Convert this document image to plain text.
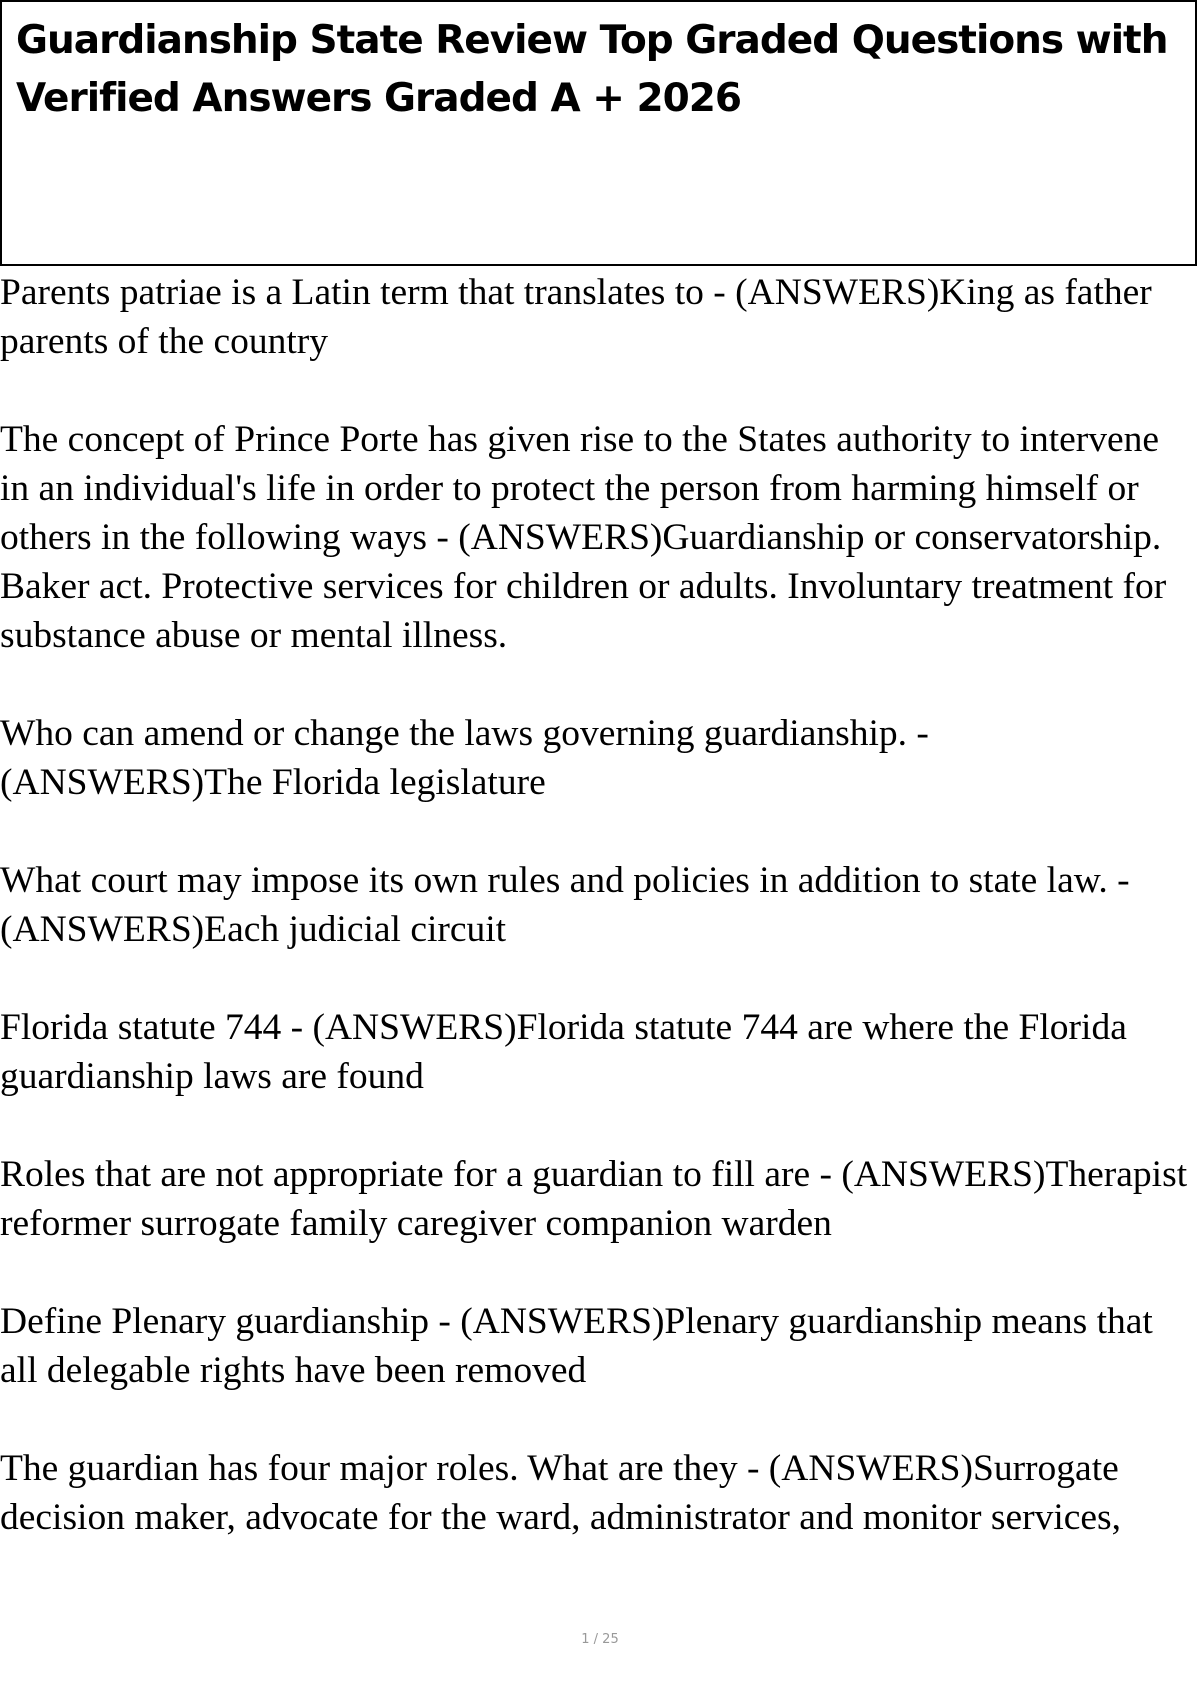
Guardianship State Review Top Graded Questions with Verified Answers Graded A + 2026

Parents patriae is a Latin term that translates to - (ANSWERS)King as father parents of the country

The concept of Prince Porte has given rise to the States authority to intervene in an individual's life in order to protect the person from harming himself or others in the following ways - (ANSWERS)Guardianship or conservatorship. Baker act. Protective services for children or adults. Involuntary treatment for substance abuse or mental illness.

Who can amend or change the laws governing guardianship. - (ANSWERS)The Florida legislature

What court may impose its own rules and policies in addition to state law. - (ANSWERS)Each judicial circuit

Florida statute 744 - (ANSWERS)Florida statute 744 are where the Florida guardianship laws are found

Roles that are not appropriate for a guardian to fill are - (ANSWERS)Therapist reformer surrogate family caregiver companion warden

Define Plenary guardianship - (ANSWERS)Plenary guardianship means that all delegable rights have been removed

The guardian has four major roles. What are they - (ANSWERS)Surrogate decision maker, advocate for the ward, administrator and monitor services,

1 / 25
